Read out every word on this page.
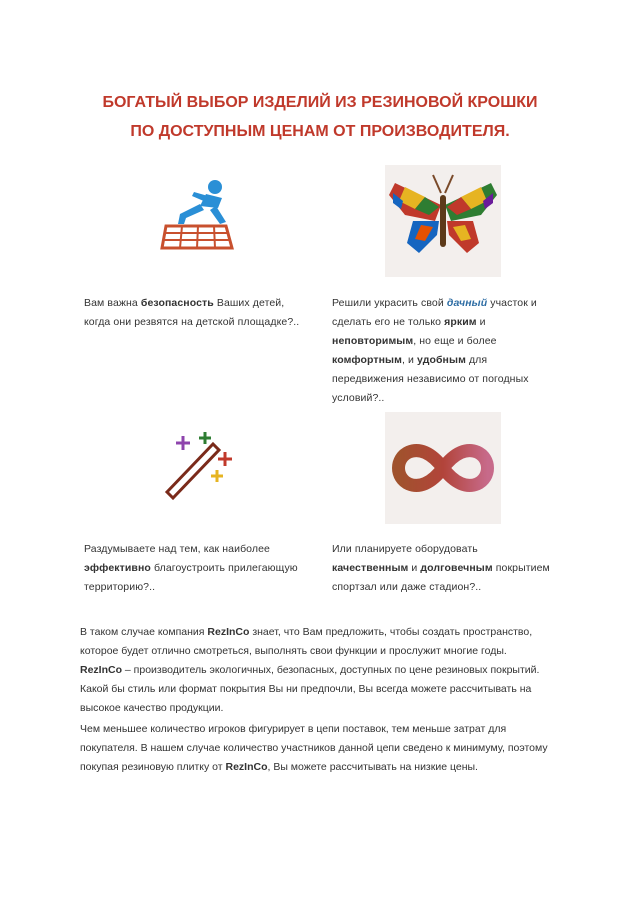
БОГАТЫЙ ВЫБОР ИЗДЕЛИЙ ИЗ РЕЗИНОВОЙ КРОШКИ
ПО ДОСТУПНЫМ ЦЕНАМ ОТ ПРОИЗВОДИТЕЛЯ.
Вам важна безопасность Ваших детей,
когда они резвятся на детской площадке?..
Решили украсить свой дачный участок и
сделать его не только ярким и
неповторимым, но еще и более
комфортным, и удобным для
передвижения независимо от погодных
условий?..
Раздумываете над тем, как наиболее
эффективно благоустроить прилегающую
территорию?..
Или планируете оборудовать
качественным и долговечным покрытием
спортзал или даже стадион?..
В таком случае компания RezInCo знает, что Вам предложить, чтобы создать пространство,
которое будет отлично смотреться, выполнять свои функции и прослужит многие годы.
RezInCo – производитель экологичных, безопасных, доступных по цене резиновых покрытий.
Какой бы стиль или формат покрытия Вы ни предпочли, Вы всегда можете рассчитывать на
высокое качество продукции.
Чем меньшее количество игроков фигурирует в цепи поставок, тем меньше затрат для
покупателя. В нашем случае количество участников данной цепи сведено к минимуму, поэтому
покупая резиновую плитку от RezInCo, Вы можете рассчитывать на низкие цены.
